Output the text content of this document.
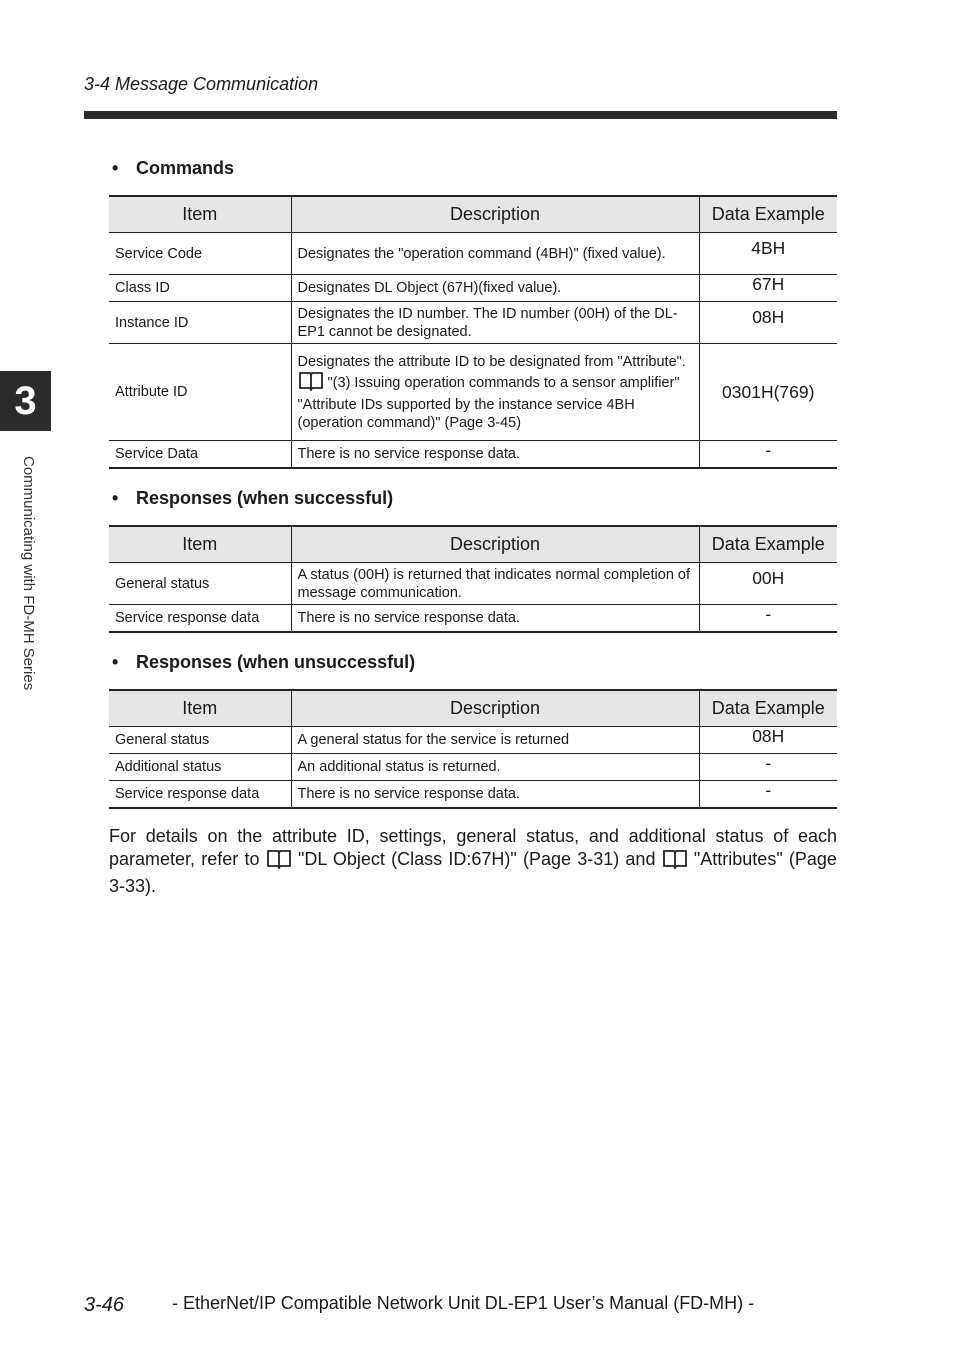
3-4 Message Communication
3
Communicating with FD-MH Series
• Commands
Item	Description	Data Example
Service Code	Designates the "operation command (4BH)" (fixed value).	4BH
Class ID	Designates DL Object (67H)(fixed value).	67H
Instance ID	Designates the ID number. The ID number (00H) of the DL-EP1 cannot be designated.	08H
Attribute ID	Designates the attribute ID to be designated from "Attribute".  "(3) Issuing operation commands to a sensor amplifier" "Attribute IDs supported by the instance service 4BH (operation command)" (Page 3-45)	0301H(769)
Service Data	There is no service response data.	-
• Responses (when successful)
Item	Description	Data Example
General status	A status (00H) is returned that indicates normal completion of message communication.	00H
Service response data	There is no service response data.	-
• Responses (when unsuccessful)
Item	Description	Data Example
General status	A general status for the service is returned	08H
Additional status	An additional status is returned.	-
Service response data	There is no service response data.	-
For details on the attribute ID, settings, general status, and additional status of each parameter, refer to "DL Object (Class ID:67H)" (Page 3-31) and "Attributes" (Page 3-33).
3-46	- EtherNet/IP Compatible Network Unit DL-EP1 User’s Manual (FD-MH) -
